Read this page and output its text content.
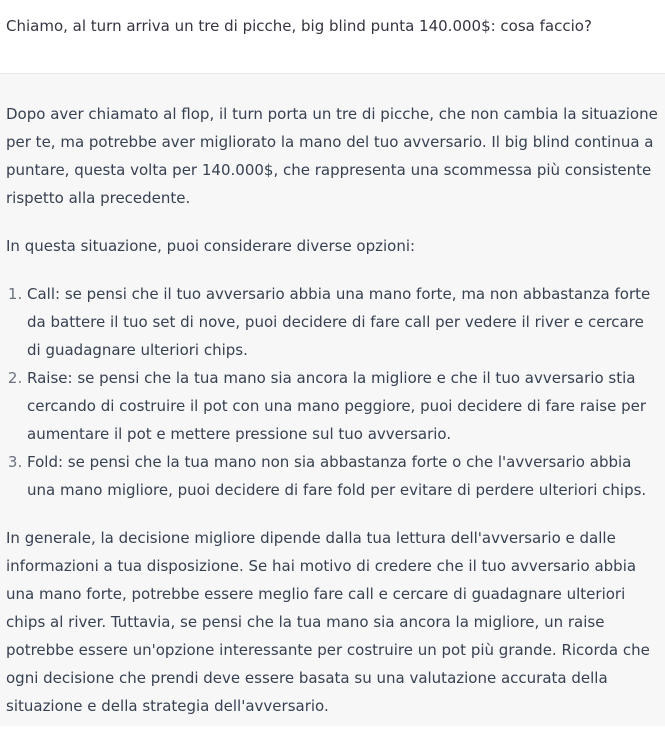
Chiamo, al turn arriva un tre di picche, big blind punta 140.000$: cosa faccio?

Dopo aver chiamato al flop, il turn porta un tre di picche, che non cambia la situazione per te, ma potrebbe aver migliorato la mano del tuo avversario. Il big blind continua a puntare, questa volta per 140.000$, che rappresenta una scommessa più consistente rispetto alla precedente.

In questa situazione, puoi considerare diverse opzioni:

1. Call: se pensi che il tuo avversario abbia una mano forte, ma non abbastanza forte da battere il tuo set di nove, puoi decidere di fare call per vedere il river e cercare di guadagnare ulteriori chips.
2. Raise: se pensi che la tua mano sia ancora la migliore e che il tuo avversario stia cercando di costruire il pot con una mano peggiore, puoi decidere di fare raise per aumentare il pot e mettere pressione sul tuo avversario.
3. Fold: se pensi che la tua mano non sia abbastanza forte o che l'avversario abbia una mano migliore, puoi decidere di fare fold per evitare di perdere ulteriori chips.

In generale, la decisione migliore dipende dalla tua lettura dell'avversario e dalle informazioni a tua disposizione. Se hai motivo di credere che il tuo avversario abbia una mano forte, potrebbe essere meglio fare call e cercare di guadagnare ulteriori chips al river. Tuttavia, se pensi che la tua mano sia ancora la migliore, un raise potrebbe essere un'opzione interessante per costruire un pot più grande. Ricorda che ogni decisione che prendi deve essere basata su una valutazione accurata della situazione e della strategia dell'avversario.
